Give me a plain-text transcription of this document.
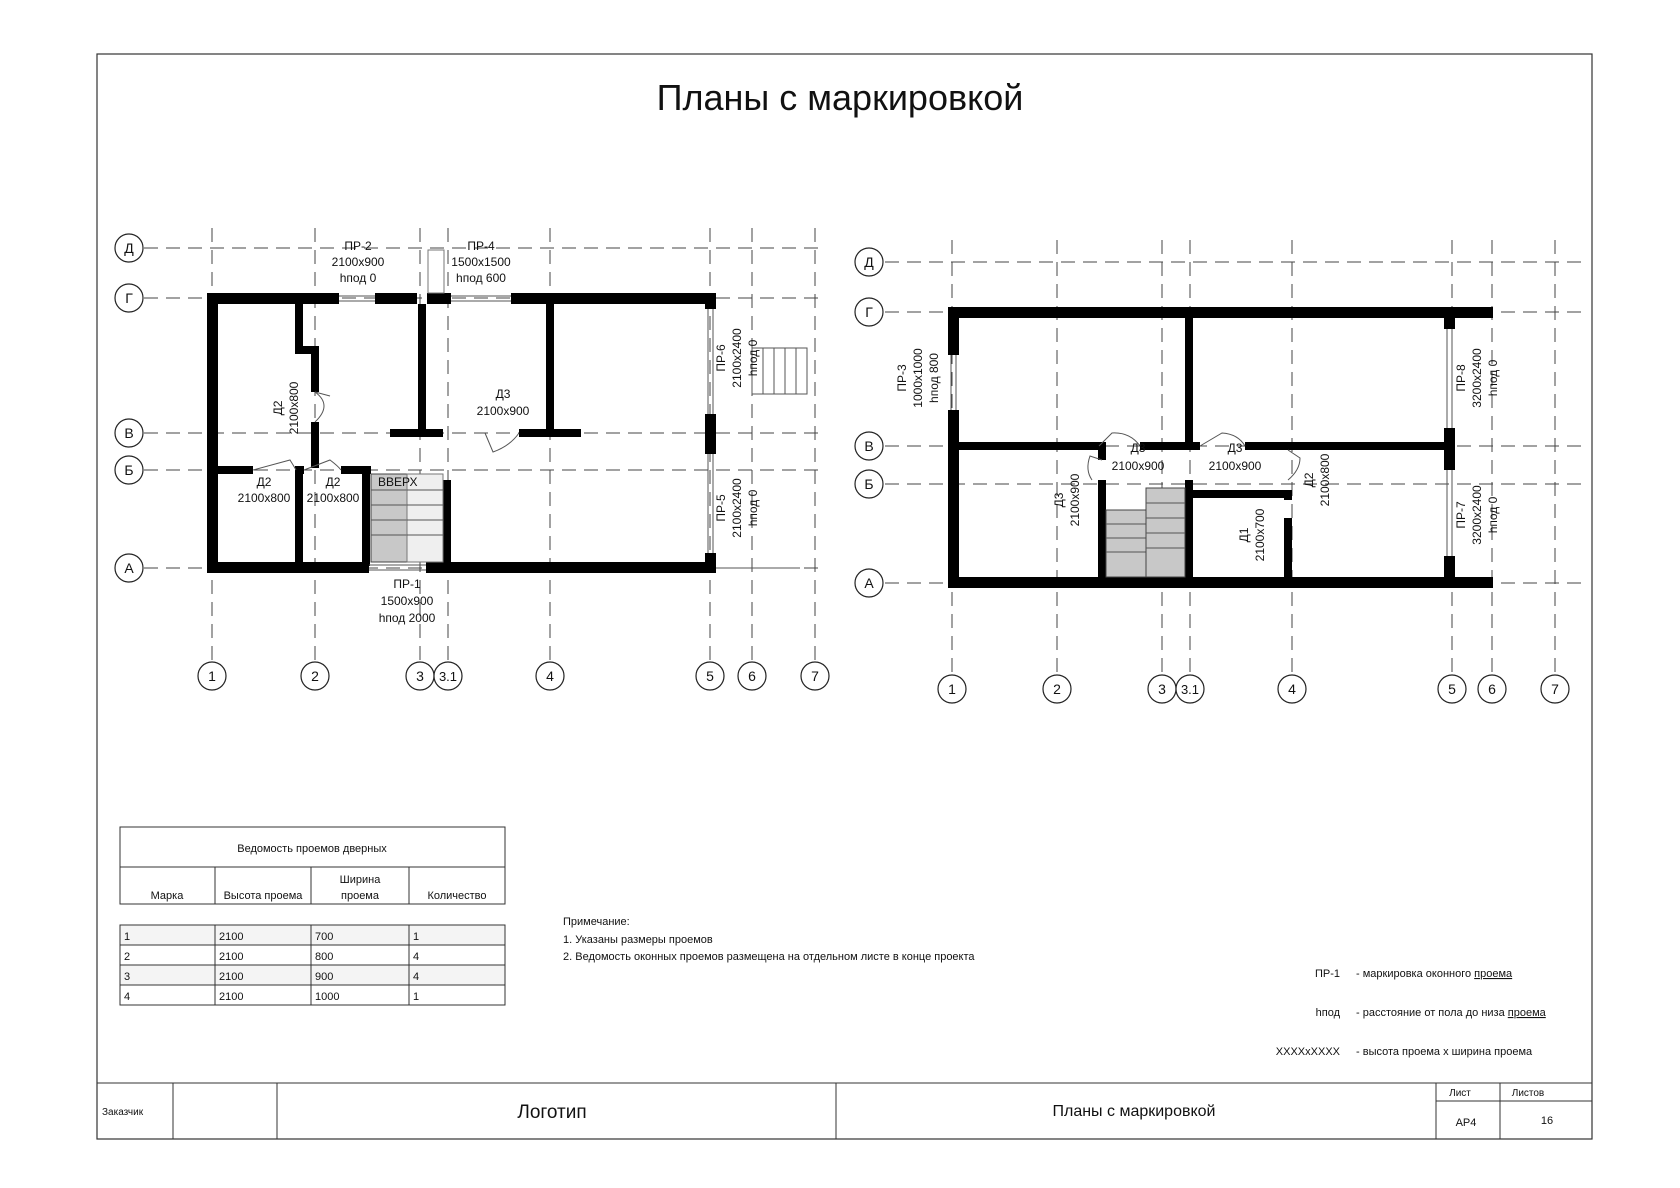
Планы с маркировкой
Д
Г
В
Б
А
1	2	3 3.1	4	5 6	7
ВВЕРХ
ПР-2
2100x900
hпод 0
ПР-4
1500x1500
hпод 600
ПР-1
1500x900
hпод 2000
Д3
2100x900
Д2
2100x800
Д2
2100x800
Д2 2100x800
ПР-6 2100x2400 hпод 0
ПР-5 2100x2400 hпод 0
Д
Г
В
Б
А
1	2	3 3.1	4	5 6	7
Д3
2100x900
Д3
2100x900
ПР-3 1000x1000 hпод 800	ПР-8 3200x2400 hпод 0
ПР-7 3200x2400 hпод 0
Д3 2100x900	Д2 2100x800
Д1 2100x700
Ведомость проемов дверных
Марка	Высота проема
Ширина
проема	Количество
1	2100	700	1
2	2100	800	4
3	2100	900	4
4	2100	1000	1
Примечание:
1. Указаны размеры проемов
2. Ведомость оконных проемов размещена на отдельном листе в конце проекта
ПР-1 - маркировка оконного проема
hпод - расстояние от пола до низа проема
XXXXxXXXX - высота проема х ширина проема
Заказчик	Логотип	Планы с маркировкой
Лист	Листов
АР4	16
